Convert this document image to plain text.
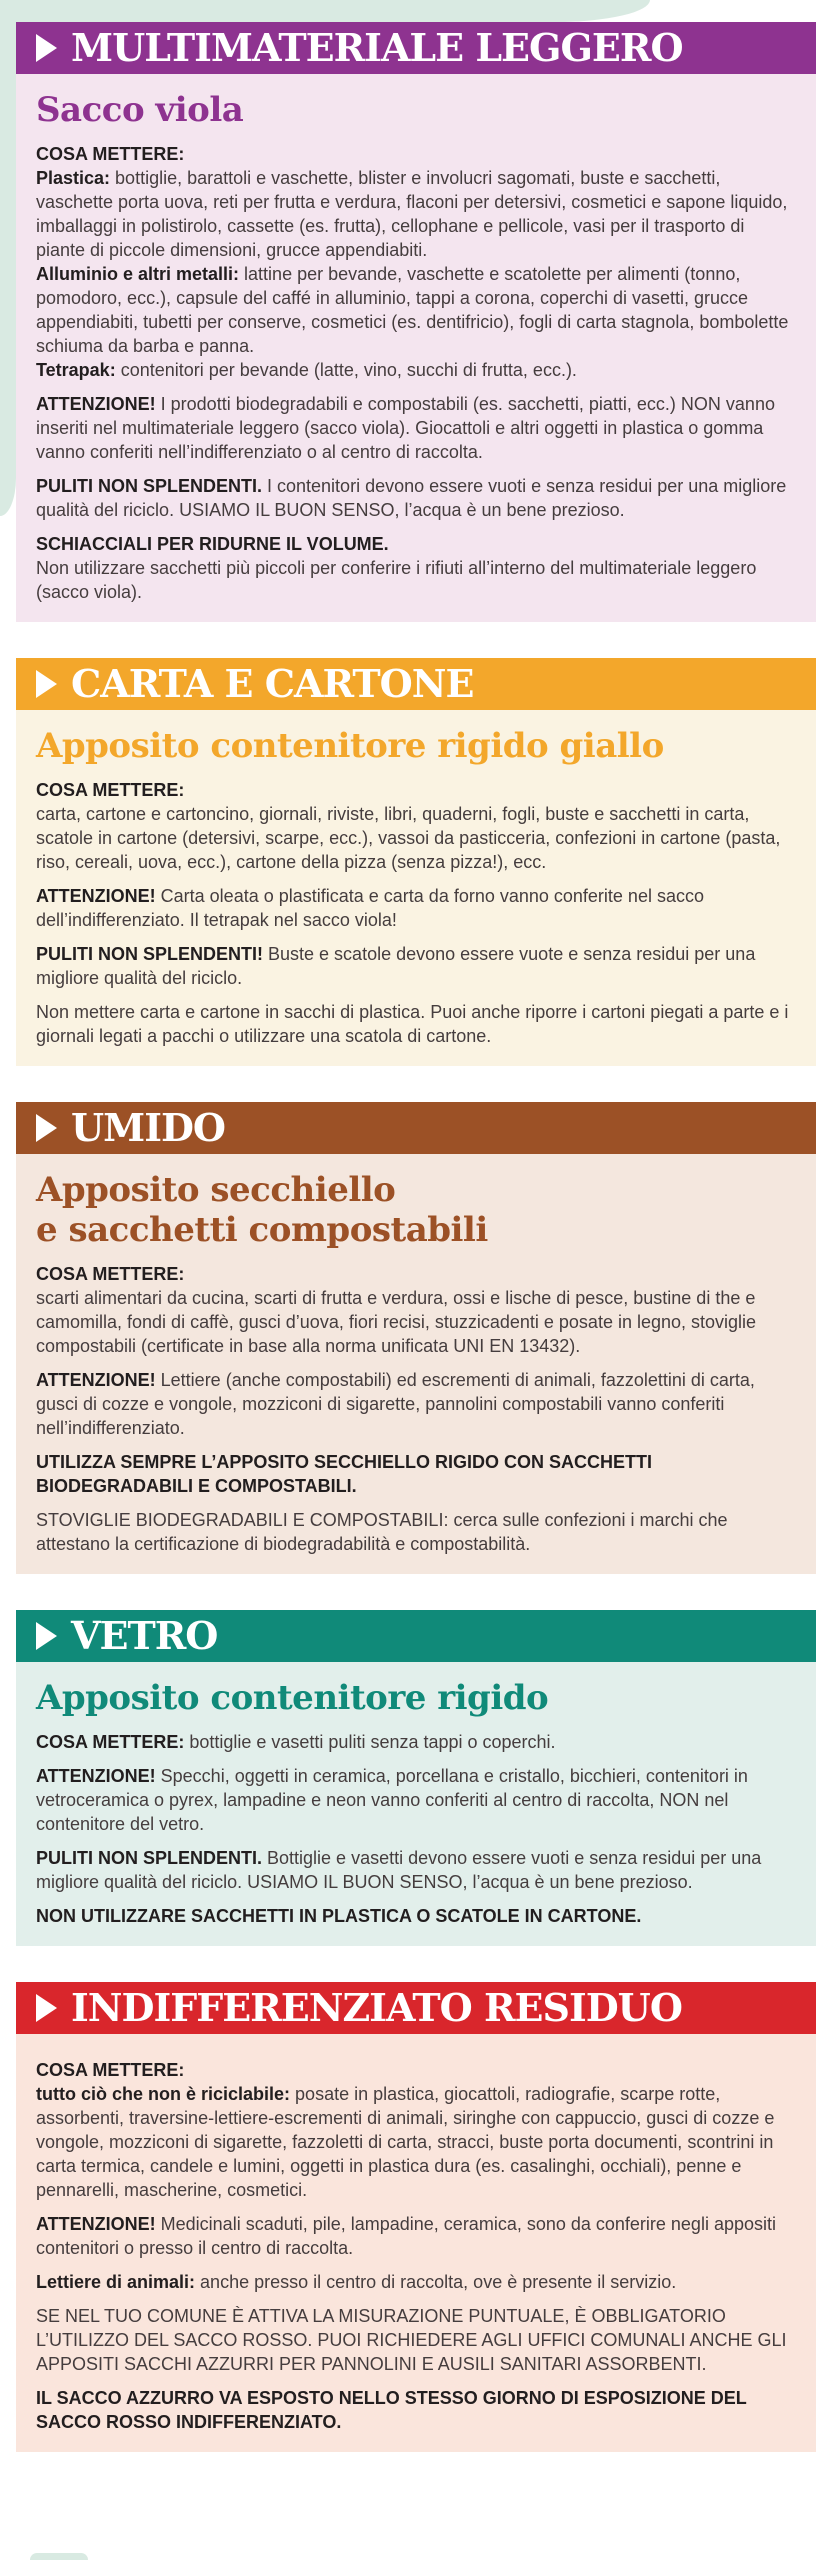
MULTIMATERIALE LEGGERO
Sacco viola
COSA METTERE:
Plastica: bottiglie, barattoli e vaschette, blister e involucri sagomati, buste e sacchetti, vaschette porta uova, reti per frutta e verdura, flaconi per detersivi, cosmetici e sapone liquido, imballaggi in polistirolo, cassette (es. frutta), cellophane e pellicole, vasi per il trasporto di piante di piccole dimensioni, grucce appendiabiti.
Alluminio e altri metalli: lattine per bevande, vaschette e scatolette per alimenti (tonno, pomodoro, ecc.), capsule del caffé in alluminio, tappi a corona, coperchi di vasetti, grucce appendiabiti, tubetti per conserve, cosmetici (es. dentifricio), fogli di carta stagnola, bombolette schiuma da barba e panna.
Tetrapak: contenitori per bevande (latte, vino, succhi di frutta, ecc.).
ATTENZIONE! I prodotti biodegradabili e compostabili (es. sacchetti, piatti, ecc.) NON vanno inseriti nel multimateriale leggero (sacco viola). Giocattoli e altri oggetti in plastica o gomma vanno conferiti nell’indifferenziato o al centro di raccolta.
PULITI NON SPLENDENTI. I contenitori devono essere vuoti e senza residui per una migliore qualità del riciclo. USIAMO IL BUON SENSO, l’acqua è un bene prezioso.
SCHIACCIALI PER RIDURNE IL VOLUME.
Non utilizzare sacchetti più piccoli per conferire i rifiuti all’interno del multimateriale leggero (sacco viola).
CARTA E CARTONE
Apposito contenitore rigido giallo
COSA METTERE:
carta, cartone e cartoncino, giornali, riviste, libri, quaderni, fogli, buste e sacchetti in carta, scatole in cartone (detersivi, scarpe, ecc.), vassoi da pasticceria, confezioni in cartone (pasta, riso, cereali, uova, ecc.), cartone della pizza (senza pizza!), ecc.
ATTENZIONE! Carta oleata o plastificata e carta da forno vanno conferite nel sacco dell’indifferenziato. Il tetrapak nel sacco viola!
PULITI NON SPLENDENTI! Buste e scatole devono essere vuote e senza residui per una migliore qualità del riciclo.
Non mettere carta e cartone in sacchi di plastica. Puoi anche riporre i cartoni piegati a parte e i giornali legati a pacchi o utilizzare una scatola di cartone.
UMIDO
Apposito secchiello
e sacchetti compostabili
COSA METTERE:
scarti alimentari da cucina, scarti di frutta e verdura, ossi e lische di pesce, bustine di the e camomilla, fondi di caffè, gusci d’uova, fiori recisi, stuzzicadenti e posate in legno, stoviglie compostabili (certificate in base alla norma unificata UNI EN 13432).
ATTENZIONE! Lettiere (anche compostabili) ed escrementi di animali, fazzolettini di carta, gusci di cozze e vongole, mozziconi di sigarette, pannolini compostabili vanno conferiti nell’indifferenziato.
UTILIZZA SEMPRE L’APPOSITO SECCHIELLO RIGIDO CON SACCHETTI BIODEGRADABILI E COMPOSTABILI.
STOVIGLIE BIODEGRADABILI E COMPOSTABILI: cerca sulle confezioni i marchi che attestano la certificazione di biodegradabilità e compostabilità.
VETRO
Apposito contenitore rigido
COSA METTERE: bottiglie e vasetti puliti senza tappi o coperchi.
ATTENZIONE! Specchi, oggetti in ceramica, porcellana e cristallo, bicchieri, contenitori in vetroceramica o pyrex, lampadine e neon vanno conferiti al centro di raccolta, NON nel contenitore del vetro.
PULITI NON SPLENDENTI. Bottiglie e vasetti devono essere vuoti e senza residui per una migliore qualità del riciclo. USIAMO IL BUON SENSO, l’acqua è un bene prezioso.
NON UTILIZZARE SACCHETTI IN PLASTICA O SCATOLE IN CARTONE.
INDIFFERENZIATO RESIDUO
COSA METTERE:
tutto ciò che non è riciclabile: posate in plastica, giocattoli, radiografie, scarpe rotte, assorbenti, traversine-lettiere-escrementi di animali, siringhe con cappuccio, gusci di cozze e vongole, mozziconi di sigarette, fazzoletti di carta, stracci, buste porta documenti, scontrini in carta termica, candele e lumini, oggetti in plastica dura (es. casalinghi, occhiali), penne e pennarelli, mascherine, cosmetici.
ATTENZIONE! Medicinali scaduti, pile, lampadine, ceramica, sono da conferire negli appositi contenitori o presso il centro di raccolta.
Lettiere di animali: anche presso il centro di raccolta, ove è presente il servizio.
SE NEL TUO COMUNE È ATTIVA LA MISURAZIONE PUNTUALE, È OBBLIGATORIO L’UTILIZZO DEL SACCO ROSSO. PUOI RICHIEDERE AGLI UFFICI COMUNALI ANCHE GLI APPOSITI SACCHI AZZURRI PER PANNOLINI E AUSILI SANITARI ASSORBENTI.
IL SACCO AZZURRO VA ESPOSTO NELLO STESSO GIORNO DI ESPOSIZIONE DEL SACCO ROSSO INDIFFERENZIATO.
